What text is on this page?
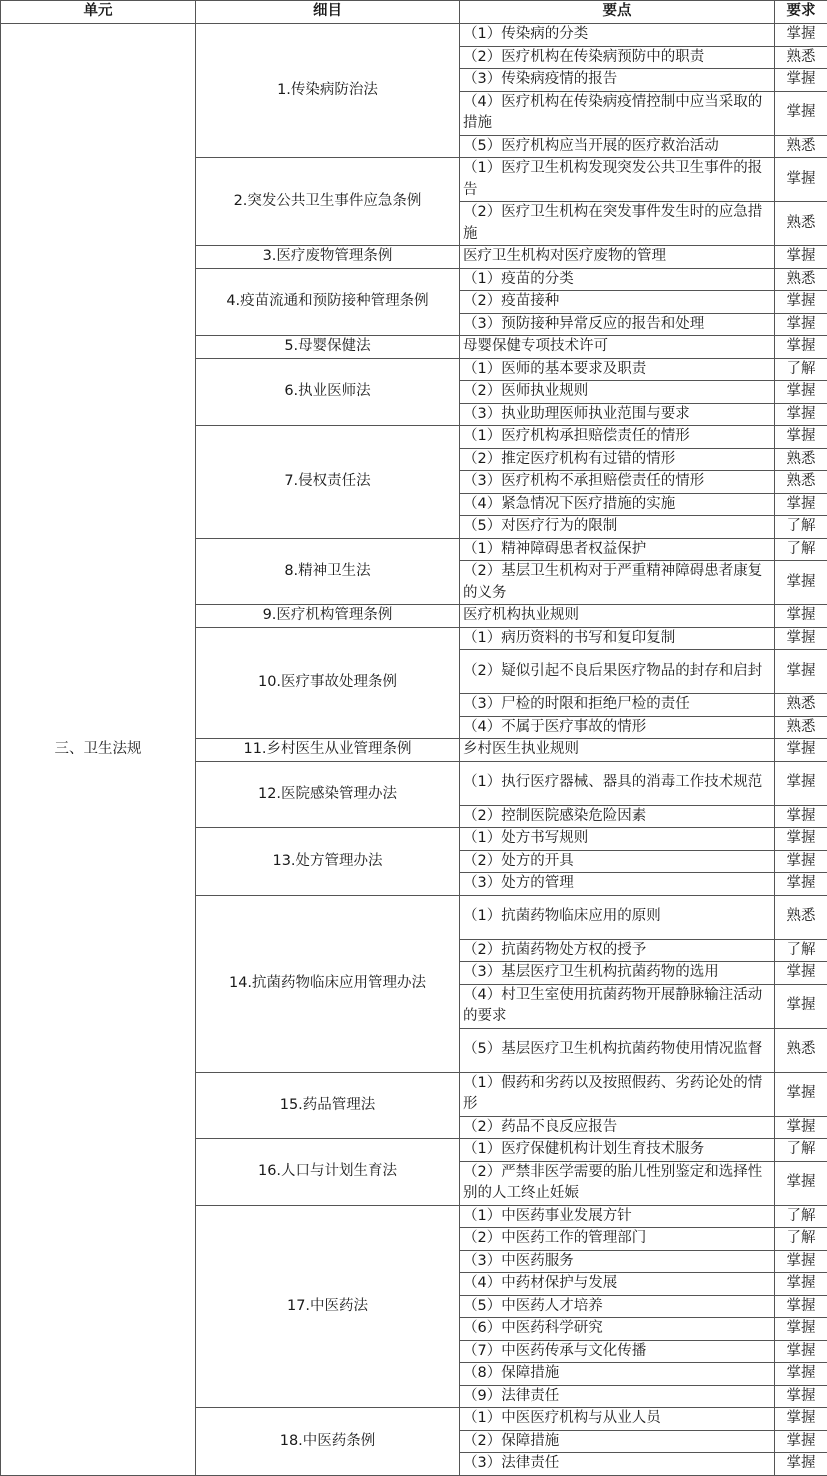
单元	细目	要点	要求
三、卫生法规	1.传染病防治法	（1）传染病的分类	掌握
		（2）医疗机构在传染病预防中的职责	熟悉
		（3）传染病疫情的报告	掌握
		（4）医疗机构在传染病疫情控制中应当采取的措施	掌握
		（5）医疗机构应当开展的医疗救治活动	熟悉
	2.突发公共卫生事件应急条例	（1）医疗卫生机构发现突发公共卫生事件的报告	掌握
		（2）医疗卫生机构在突发事件发生时的应急措施	熟悉
	3.医疗废物管理条例	医疗卫生机构对医疗废物的管理	掌握
	4.疫苗流通和预防接种管理条例	（1）疫苗的分类	熟悉
		（2）疫苗接种	掌握
		（3）预防接种异常反应的报告和处理	掌握
	5.母婴保健法	母婴保健专项技术许可	掌握
	6.执业医师法	（1）医师的基本要求及职责	了解
		（2）医师执业规则	掌握
		（3）执业助理医师执业范围与要求	掌握
	7.侵权责任法	（1）医疗机构承担赔偿责任的情形	掌握
		（2）推定医疗机构有过错的情形	熟悉
		（3）医疗机构不承担赔偿责任的情形	熟悉
		（4）紧急情况下医疗措施的实施	掌握
		（5）对医疗行为的限制	了解
	8.精神卫生法	（1）精神障碍患者权益保护	了解
		（2）基层卫生机构对于严重精神障碍患者康复的义务	掌握
	9.医疗机构管理条例	医疗机构执业规则	掌握
	10.医疗事故处理条例	（1）病历资料的书写和复印复制	掌握
		（2）疑似引起不良后果医疗物品的封存和启封	掌握
		（3）尸检的时限和拒绝尸检的责任	熟悉
		（4）不属于医疗事故的情形	熟悉
	11.乡村医生从业管理条例	乡村医生执业规则	掌握
	12.医院感染管理办法	（1）执行医疗器械、器具的消毒工作技术规范	掌握
		（2）控制医院感染危险因素	掌握
	13.处方管理办法	（1）处方书写规则	掌握
		（2）处方的开具	掌握
		（3）处方的管理	掌握
	14.抗菌药物临床应用管理办法	（1）抗菌药物临床应用的原则	熟悉
		（2）抗菌药物处方权的授予	了解
		（3）基层医疗卫生机构抗菌药物的选用	掌握
		（4）村卫生室使用抗菌药物开展静脉输注活动的要求	掌握
		（5）基层医疗卫生机构抗菌药物使用情况监督	熟悉
	15.药品管理法	（1）假药和劣药以及按照假药、劣药论处的情形	掌握
		（2）药品不良反应报告	掌握
	16.人口与计划生育法	（1）医疗保健机构计划生育技术服务	了解
		（2）严禁非医学需要的胎儿性别鉴定和选择性别的人工终止妊娠	掌握
	17.中医药法	（1）中医药事业发展方针	了解
		（2）中医药工作的管理部门	了解
		（3）中医药服务	掌握
		（4）中药材保护与发展	掌握
		（5）中医药人才培养	掌握
		（6）中医药科学研究	掌握
		（7）中医药传承与文化传播	掌握
		（8）保障措施	掌握
		（9）法律责任	掌握
	18.中医药条例	（1）中医医疗机构与从业人员	掌握
		（2）保障措施	掌握
		（3）法律责任	掌握
